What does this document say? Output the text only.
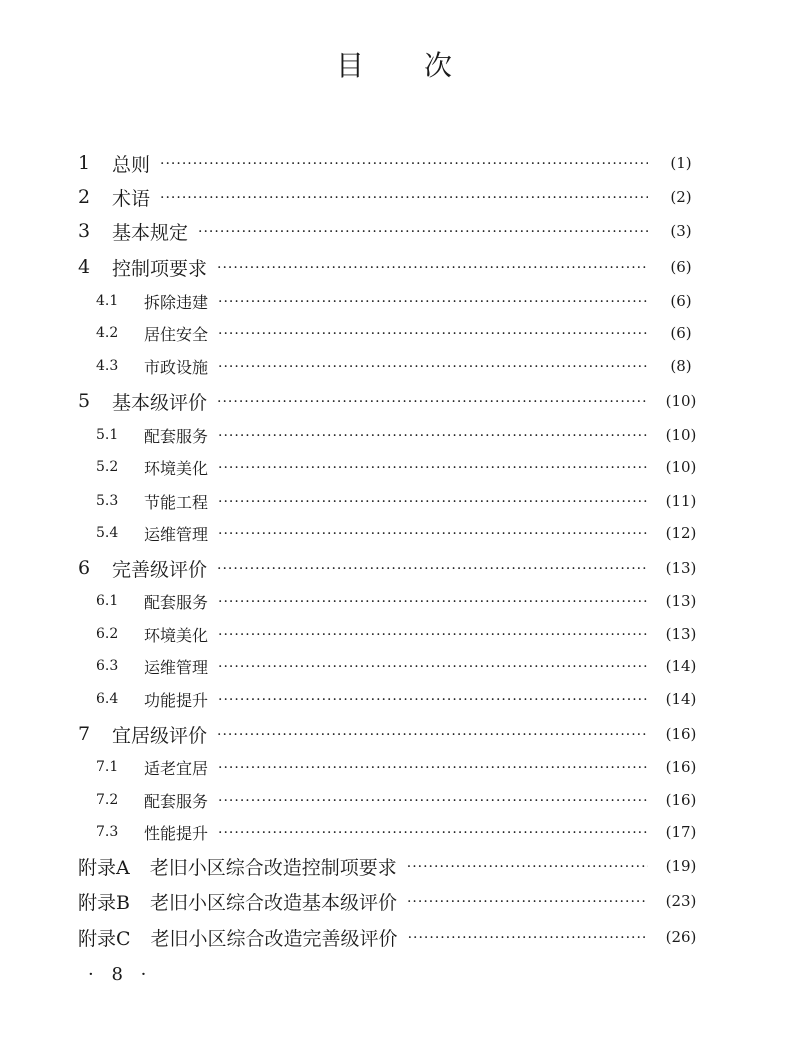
目 次
1	总则 ·····	(1)
2	术语 ·····	(2)
3	基本规定 ·····	(3)
4	控制项要求 ·····	(6)
4.1	拆除违建 ·····	(6)
4.2	居住安全 ·····	(6)
4.3	市政设施 ·····	(8)
5	基本级评价 ·····	(10)
5.1	配套服务 ·····	(10)
5.2	环境美化 ·····	(10)
5.3	节能工程 ·····	(11)
5.4	运维管理 ·····	(12)
6	完善级评价 ·····	(13)
6.1	配套服务 ·····	(13)
6.2	环境美化 ·····	(13)
6.3	运维管理 ·····	(14)
6.4	功能提升 ·····	(14)
7	宜居级评价 ·····	(16)
7.1	适老宜居 ·····	(16)
7.2	配套服务 ·····	(16)
7.3	性能提升 ·····	(17)
附录A 老旧小区综合改造控制项要求 ·····	(19)
附录B 老旧小区综合改造基本级评价 ·····	(23)
附录C 老旧小区综合改造完善级评价 ·····	(26)
· 8 ·
